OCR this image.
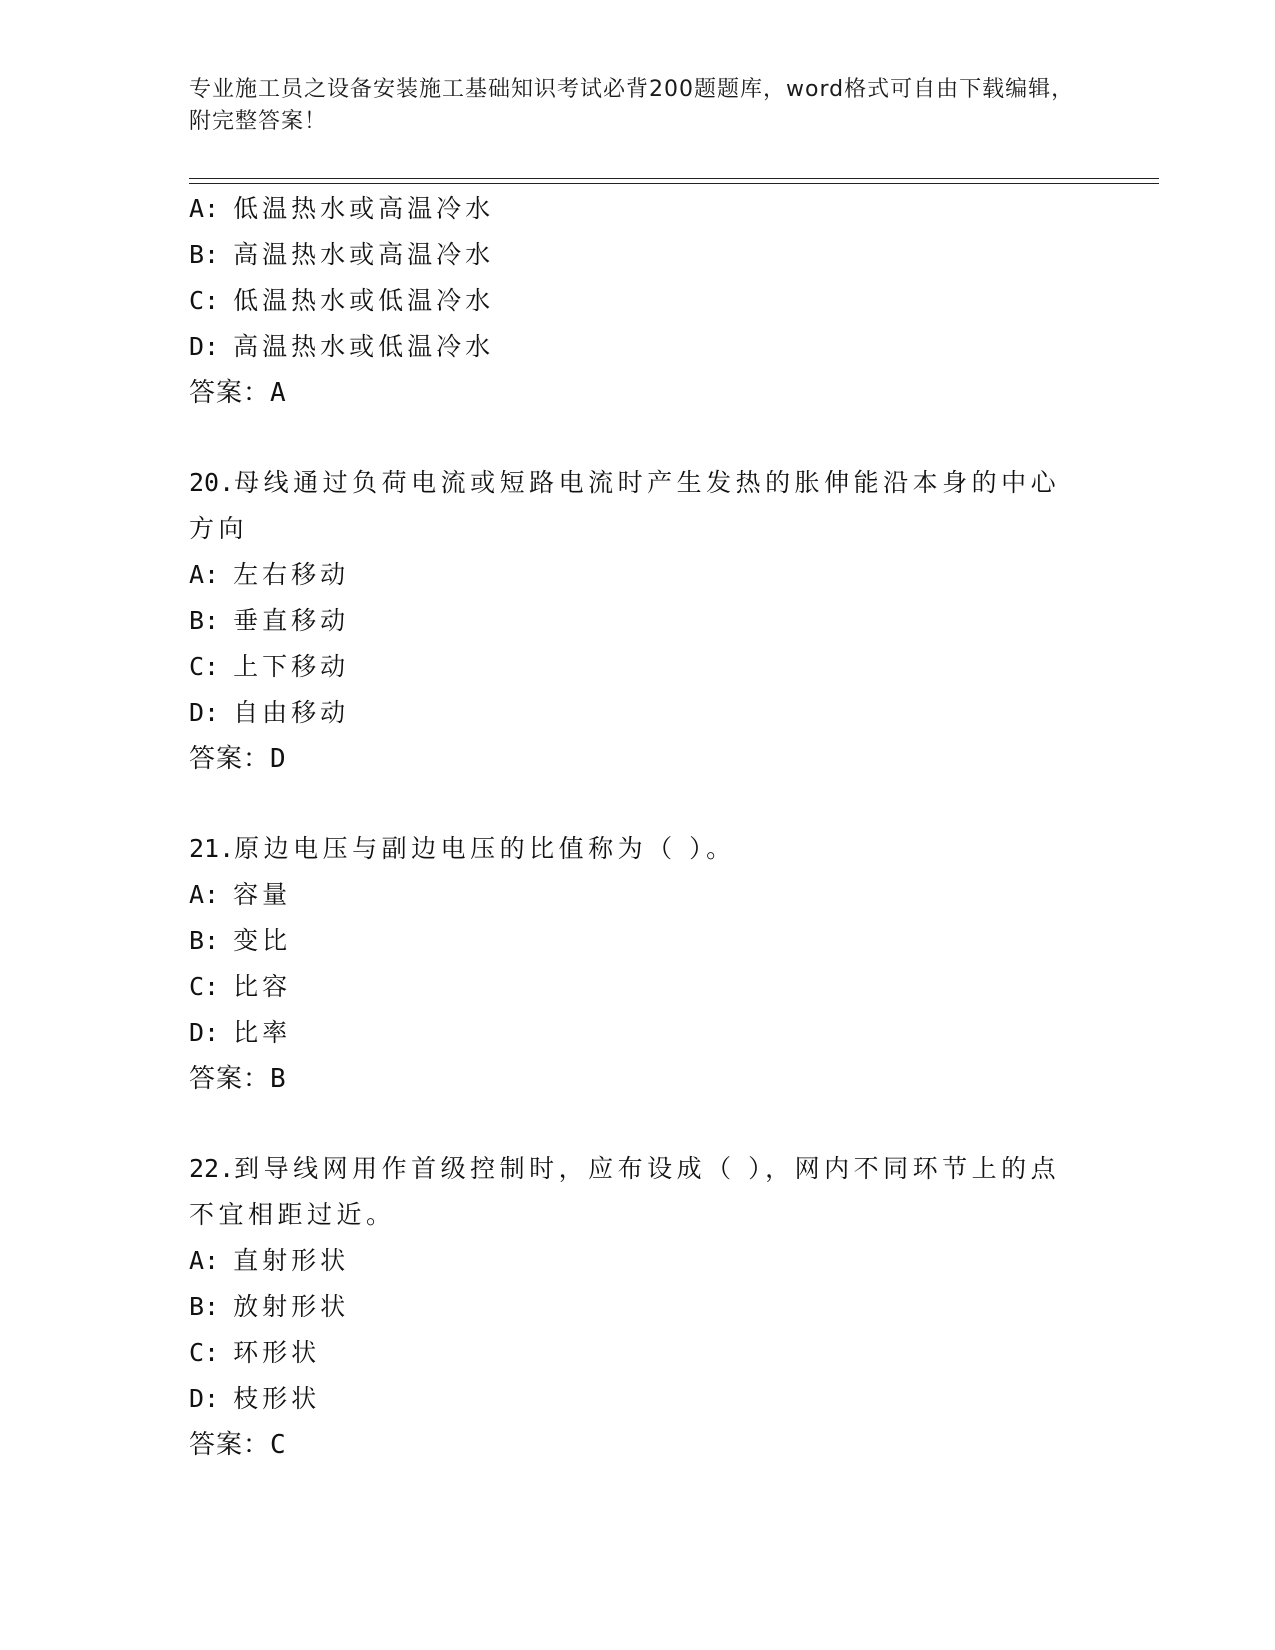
专业施工员之设备安装施工基础知识考试必背200题题库，word格式可自由下载编辑，附完整答案！
A: 低温热水或高温冷水
B: 高温热水或高温冷水
C: 低温热水或低温冷水
D: 高温热水或低温冷水
答案：A
20.母线通过负荷电流或短路电流时产生发热的胀伸能沿本身的中心方向
A: 左右移动
B: 垂直移动
C: 上下移动
D: 自由移动
答案：D
21.原边电压与副边电压的比值称为（ ）。
A: 容量
B: 变比
C: 比容
D: 比率
答案：B
22.到导线网用作首级控制时，应布设成（ ），网内不同环节上的点不宜相距过近。
A: 直射形状
B: 放射形状
C: 环形状
D: 枝形状
答案：C
